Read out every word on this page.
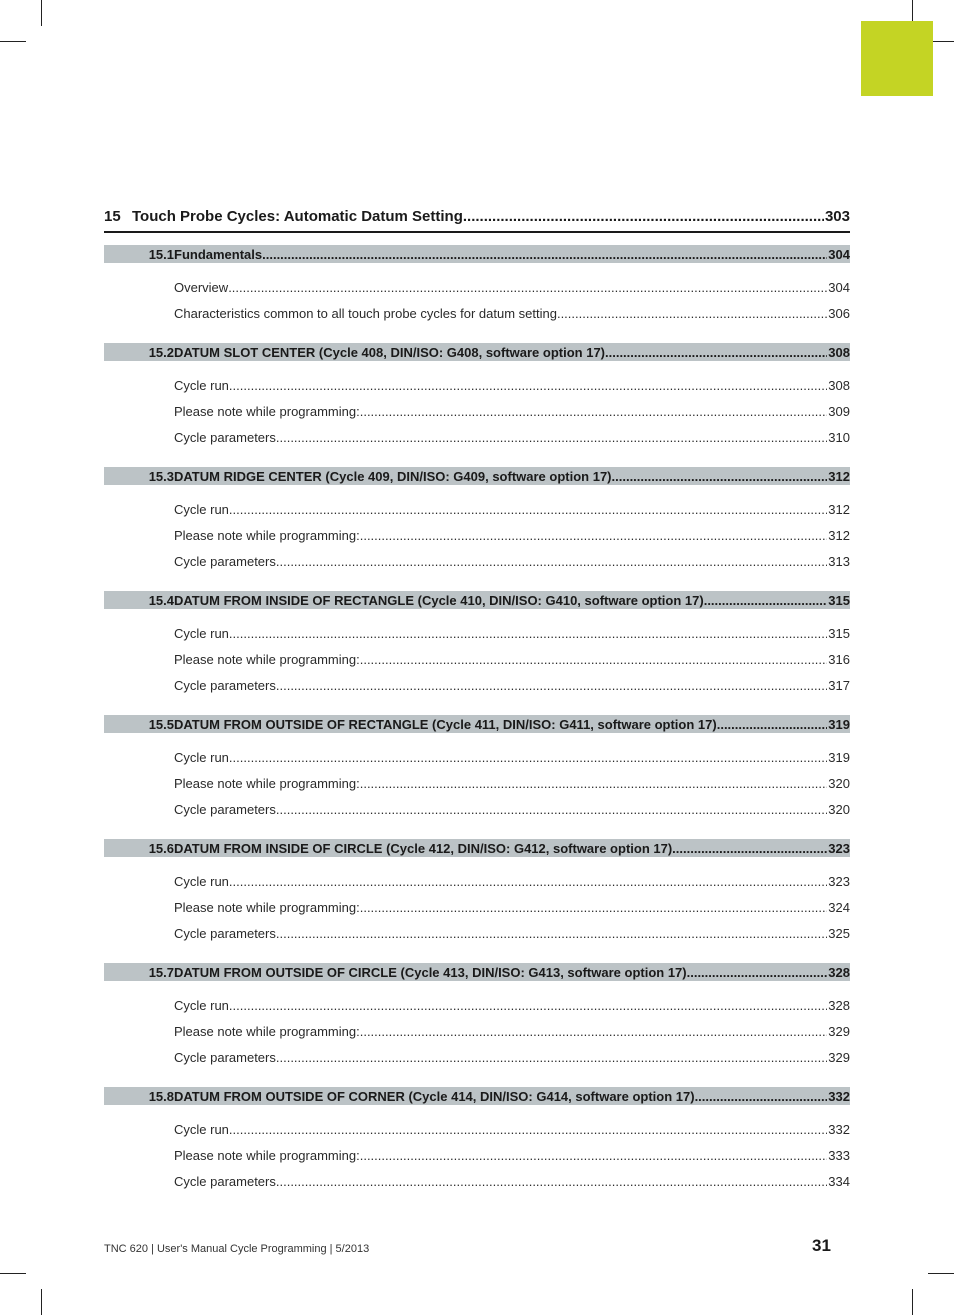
15 Touch Probe Cycles: Automatic Datum Setting .....	303
15.1 Fundamentals .....	304
Overview .....	304
Characteristics common to all touch probe cycles for datum setting .....	306
15.2 DATUM SLOT CENTER (Cycle 408, DIN/ISO: G408, software option 17) .....	308
Cycle run .....	308
Please note while programming: .....	309
Cycle parameters .....	310
15.3 DATUM RIDGE CENTER (Cycle 409, DIN/ISO: G409, software option 17) .....	312
Cycle run .....	312
Please note while programming: .....	312
Cycle parameters .....	313
15.4 DATUM FROM INSIDE OF RECTANGLE (Cycle 410, DIN/ISO: G410, software option 17) .....	315
Cycle run .....	315
Please note while programming: .....	316
Cycle parameters .....	317
15.5 DATUM FROM OUTSIDE OF RECTANGLE (Cycle 411, DIN/ISO: G411, software option 17) .....	319
Cycle run .....	319
Please note while programming: .....	320
Cycle parameters .....	320
15.6 DATUM FROM INSIDE OF CIRCLE (Cycle 412, DIN/ISO: G412, software option 17) .....	323
Cycle run .....	323
Please note while programming: .....	324
Cycle parameters .....	325
15.7 DATUM FROM OUTSIDE OF CIRCLE (Cycle 413, DIN/ISO: G413, software option 17) .....	328
Cycle run .....	328
Please note while programming: .....	329
Cycle parameters .....	329
15.8 DATUM FROM OUTSIDE OF CORNER (Cycle 414, DIN/ISO: G414, software option 17) .....	332
Cycle run .....	332
Please note while programming: .....	333
Cycle parameters .....	334
TNC 620 | User's Manual Cycle Programming | 5/2013	31
